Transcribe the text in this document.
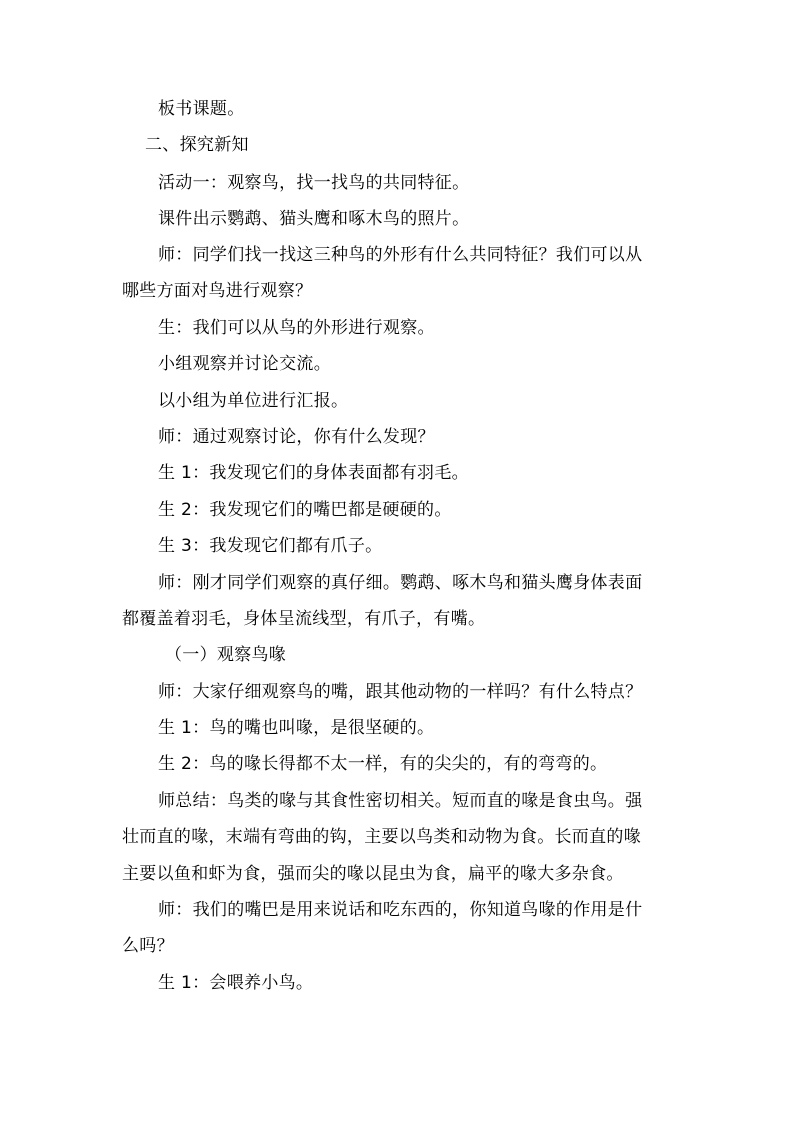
板书课题。
二、探究新知
活动一：观察鸟，找一找鸟的共同特征。
课件出示鹦鹉、猫头鹰和啄木鸟的照片。
师：同学们找一找这三种鸟的外形有什么共同特征？我们可以从
哪些方面对鸟进行观察？
生：我们可以从鸟的外形进行观察。
小组观察并讨论交流。
以小组为单位进行汇报。
师：通过观察讨论，你有什么发现？
生 1：我发现它们的身体表面都有羽毛。
生 2：我发现它们的嘴巴都是硬硬的。
生 3：我发现它们都有爪子。
师：刚才同学们观察的真仔细。鹦鹉、啄木鸟和猫头鹰身体表面
都覆盖着羽毛，身体呈流线型，有爪子，有嘴。
（一）观察鸟喙
师：大家仔细观察鸟的嘴，跟其他动物的一样吗？有什么特点？
生 1：鸟的嘴也叫喙，是很坚硬的。
生 2：鸟的喙长得都不太一样，有的尖尖的，有的弯弯的。
师总结：鸟类的喙与其食性密切相关。短而直的喙是食虫鸟。强
壮而直的喙，末端有弯曲的钩，主要以鸟类和动物为食。长而直的喙
主要以鱼和虾为食，强而尖的喙以昆虫为食，扁平的喙大多杂食。
师：我们的嘴巴是用来说话和吃东西的，你知道鸟喙的作用是什
么吗？
生 1：会喂养小鸟。
